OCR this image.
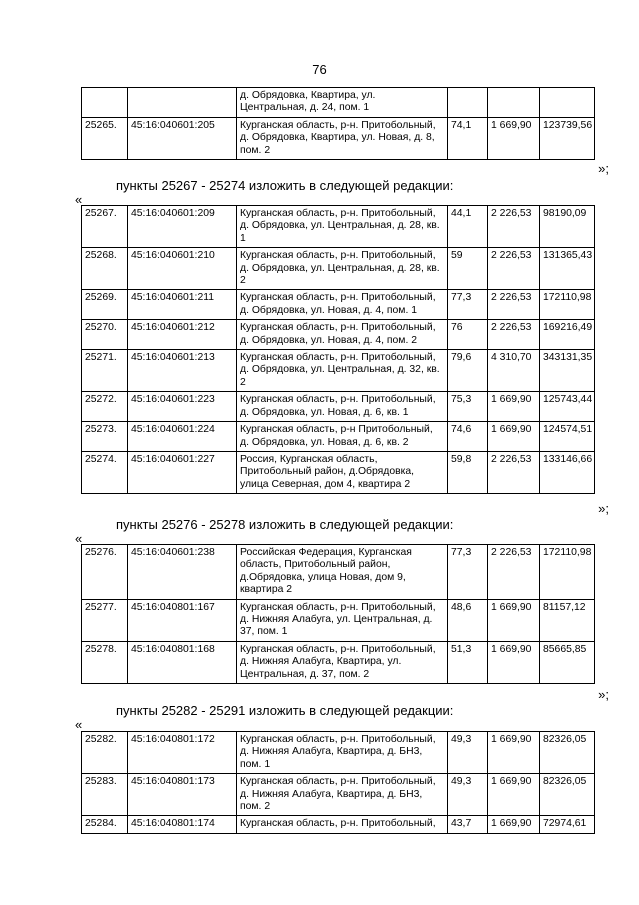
76
		д. Обрядовка, Квартира, ул. Центральная, д. 24, пом. 1			
25265.	45:16:040601:205	Курганская область, р-н. Притобольный, д. Обрядовка, Квартира, ул. Новая, д. 8, пом. 2	74,1	1 669,90	123739,56
»;
пункты 25267 - 25274 изложить в следующей редакции:
«
25267.	45:16:040601:209	Курганская область, р-н. Притобольный, д. Обрядовка, ул. Центральная, д. 28, кв. 1	44,1	2 226,53	98190,09
25268.	45:16:040601:210	Курганская область, р-н. Притобольный, д. Обрядовка, ул. Центральная, д. 28, кв. 2	59	2 226,53	131365,43
25269.	45:16:040601:211	Курганская область, р-н. Притобольный, д. Обрядовка, ул. Новая, д. 4, пом. 1	77,3	2 226,53	172110,98
25270.	45:16:040601:212	Курганская область, р-н. Притобольный, д. Обрядовка, ул. Новая, д. 4, пом. 2	76	2 226,53	169216,49
25271.	45:16:040601:213	Курганская область, р-н. Притобольный, д. Обрядовка, ул. Центральная, д. 32, кв. 2	79,6	4 310,70	343131,35
25272.	45:16:040601:223	Курганская область, р-н. Притобольный, д. Обрядовка, ул. Новая, д. 6, кв. 1	75,3	1 669,90	125743,44
25273.	45:16:040601:224	Курганская область, р-н Притобольный, д. Обрядовка, ул. Новая, д. 6, кв. 2	74,6	1 669,90	124574,51
25274.	45:16:040601:227	Россия, Курганская область, Притобольный район, д.Обрядовка, улица Северная, дом 4, квартира 2	59,8	2 226,53	133146,66
»;
пункты 25276 - 25278 изложить в следующей редакции:
«
25276.	45:16:040601:238	Российская Федерация, Курганская область, Притобольный район, д.Обрядовка, улица Новая, дом 9, квартира 2	77,3	2 226,53	172110,98
25277.	45:16:040801:167	Курганская область, р-н. Притобольный, д. Нижняя Алабуга, ул. Центральная, д. 37, пом. 1	48,6	1 669,90	81157,12
25278.	45:16:040801:168	Курганская область, р-н. Притобольный, д. Нижняя Алабуга, Квартира, ул. Центральная, д. 37, пом. 2	51,3	1 669,90	85665,85
»;
пункты 25282 - 25291 изложить в следующей редакции:
«
25282.	45:16:040801:172	Курганская область, р-н. Притобольный, д. Нижняя Алабуга, Квартира, д. БН3, пом. 1	49,3	1 669,90	82326,05
25283.	45:16:040801:173	Курганская область, р-н. Притобольный, д. Нижняя Алабуга, Квартира, д. БН3, пом. 2	49,3	1 669,90	82326,05
25284.	45:16:040801:174	Курганская область, р-н. Притобольный,	43,7	1 669,90	72974,61
